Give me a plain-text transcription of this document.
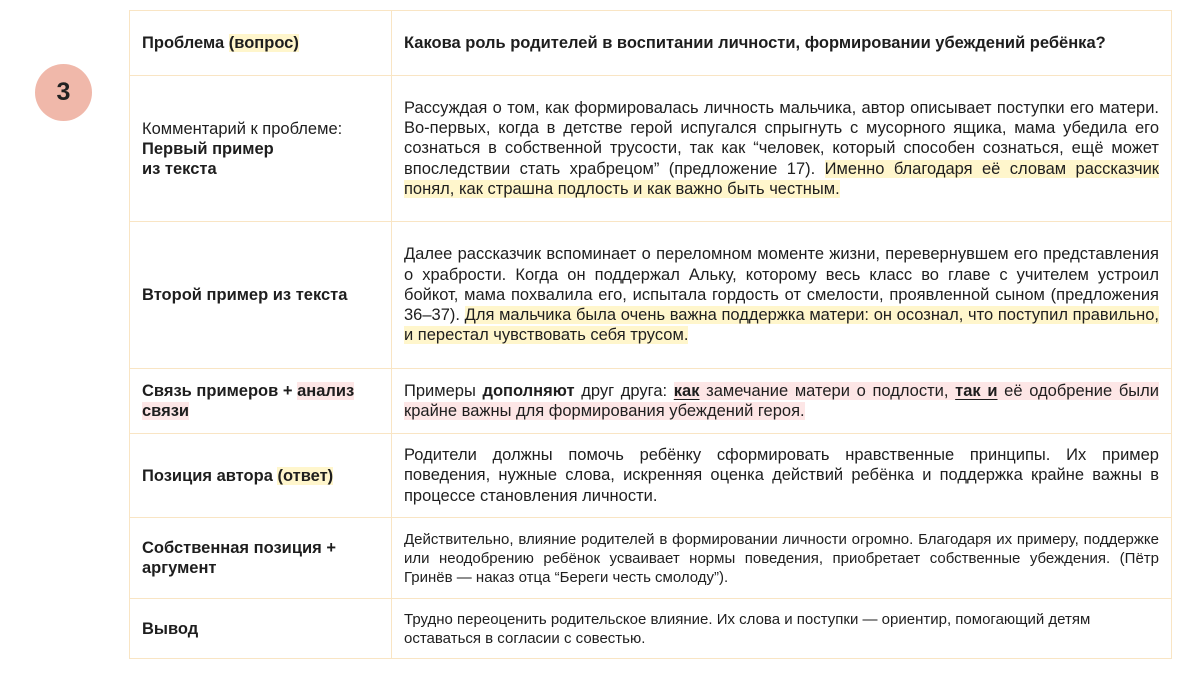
3

Проблема (вопрос)	Какова роль родителей в воспитании личности, формировании убеждений ребёнка?

Комментарий к проблеме:

Первый пример

из текста

Рассуждая о том, как формировалась личность мальчика, автор описывает поступки его матери. Во-первых, когда в детстве герой испугался спрыгнуть с мусорного ящика, мама убедила его сознаться в собственной трусости, так как “человек, который способен сознаться, ещё может впоследствии стать храбрецом” (предложение 17). Именно благодаря её словам рассказчик понял, как страшна подлость и как важно быть честным.

Второй пример из текста

Далее рассказчик вспоминает о переломном моменте жизни, перевернувшем его представления о храбрости. Когда он поддержал Альку, которому весь класс во главе с учителем устроил бойкот, мама похвалила его, испытала гордость от смелости, проявленной сыном (предложения 36–37). Для мальчика была очень важна поддержка матери: он осознал, что поступил правильно, и перестал чувствовать себя трусом.

Связь примеров + анализ связи

Примеры дополняют друг друга: как замечание матери о подлости, так и её одобрение были крайне важны для формирования убеждений героя.

Позиция автора (ответ)

Родители должны помочь ребёнку сформировать нравственные принципы. Их пример поведения, нужные слова, искренняя оценка действий ребёнка и поддержка крайне важны в процессе становления личности.

Собственная позиция + аргумент

Действительно, влияние родителей в формировании личности огромно. Благодаря их примеру, поддержке или неодобрению ребёнок усваивает нормы поведения, приобретает собственные убеждения. (Пётр Гринёв — наказ отца “Береги честь смолоду”).

Вывод

Трудно переоценить родительское влияние. Их слова и поступки — ориентир, помогающий детям оставаться в согласии с совестью.
